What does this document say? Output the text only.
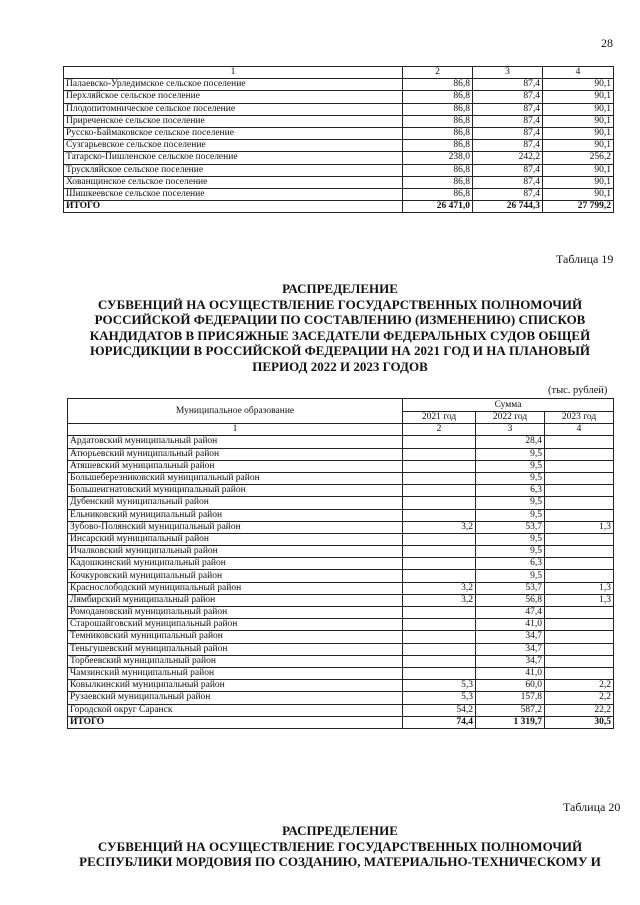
28
1	2	3	4
Палаевско-Урледимское сельское поселение	86,8	87,4	90,1
Перхляйское сельское поселение	86,8	87,4	90,1
Плодопитомническое сельское поселение	86,8	87,4	90,1
Приреченское сельское поселение	86,8	87,4	90,1
Русско-Баймаковское сельское поселение	86,8	87,4	90,1
Сузгарьевское сельское поселение	86,8	87,4	90,1
Татарско-Пишленское сельское поселение	238,0	242,2	256,2
Трускляйское сельское поселение	86,8	87,4	90,1
Хованщинское сельское поселение	86,8	87,4	90,1
Шишкеевское сельское поселение	86,8	87,4	90,1
ИТОГО	26 471,0	26 744,3	27 799,2
Таблица 19
РАСПРЕДЕЛЕНИЕ
СУБВЕНЦИЙ НА ОСУЩЕСТВЛЕНИЕ ГОСУДАРСТВЕННЫХ ПОЛНОМОЧИЙ
РОССИЙСКОЙ ФЕДЕРАЦИИ ПО СОСТАВЛЕНИЮ (ИЗМЕНЕНИЮ) СПИСКОВ
КАНДИДАТОВ В ПРИСЯЖНЫЕ ЗАСЕДАТЕЛИ ФЕДЕРАЛЬНЫХ СУДОВ ОБЩЕЙ
ЮРИСДИКЦИИ В РОССИЙСКОЙ ФЕДЕРАЦИИ НА 2021 ГОД И НА ПЛАНОВЫЙ
ПЕРИОД 2022 И 2023 ГОДОВ
(тыс. рублей)
Муниципальное образование	Сумма		
	2021 год	2022 год	2023 год
1	2	3	4
Ардатовский муниципальный район		28,4	
Атюрьевский муниципальный район		9,5	
Атяшевский муниципальный район		9,5	
Большеберезниковский муниципальный район		9,5	
Большеигнатовский муниципальный район		6,3	
Дубенский муниципальный район		9,5	
Ельниковский муниципальный район		9,5	
Зубово-Полянский муниципальный район	3,2	53,7	1,3
Инсарский муниципальный район		9,5	
Ичалковский муниципальный район		9,5	
Кадошкинский муниципальный район		6,3	
Кочкуровский муниципальный район		9,5	
Краснослободский муниципальный район	3,2	53,7	1,3
Лямбирский муниципальный район	3,2	56,8	1,3
Ромодановский муниципальный район		47,4	
Старошайговский муниципальный район		41,0	
Темниковский муниципальный район		34,7	
Теньгушевский муниципальный район		34,7	
Торбеевский муниципальный район		34,7	
Чамзинский муниципальный район		41,0	
Ковылкинский муниципальный район	5,3	60,0	2,2
Рузаевский муниципальный район	5,3	157,8	2,2
Городской округ Саранск	54,2	587,2	22,2
ИТОГО	74,4	1 319,7	30,5
Таблица 20
РАСПРЕДЕЛЕНИЕ
СУБВЕНЦИЙ НА ОСУЩЕСТВЛЕНИЕ ГОСУДАРСТВЕННЫХ ПОЛНОМОЧИЙ
РЕСПУБЛИКИ МОРДОВИЯ ПО СОЗДАНИЮ, МАТЕРИАЛЬНО-ТЕХНИЧЕСКОМУ И
